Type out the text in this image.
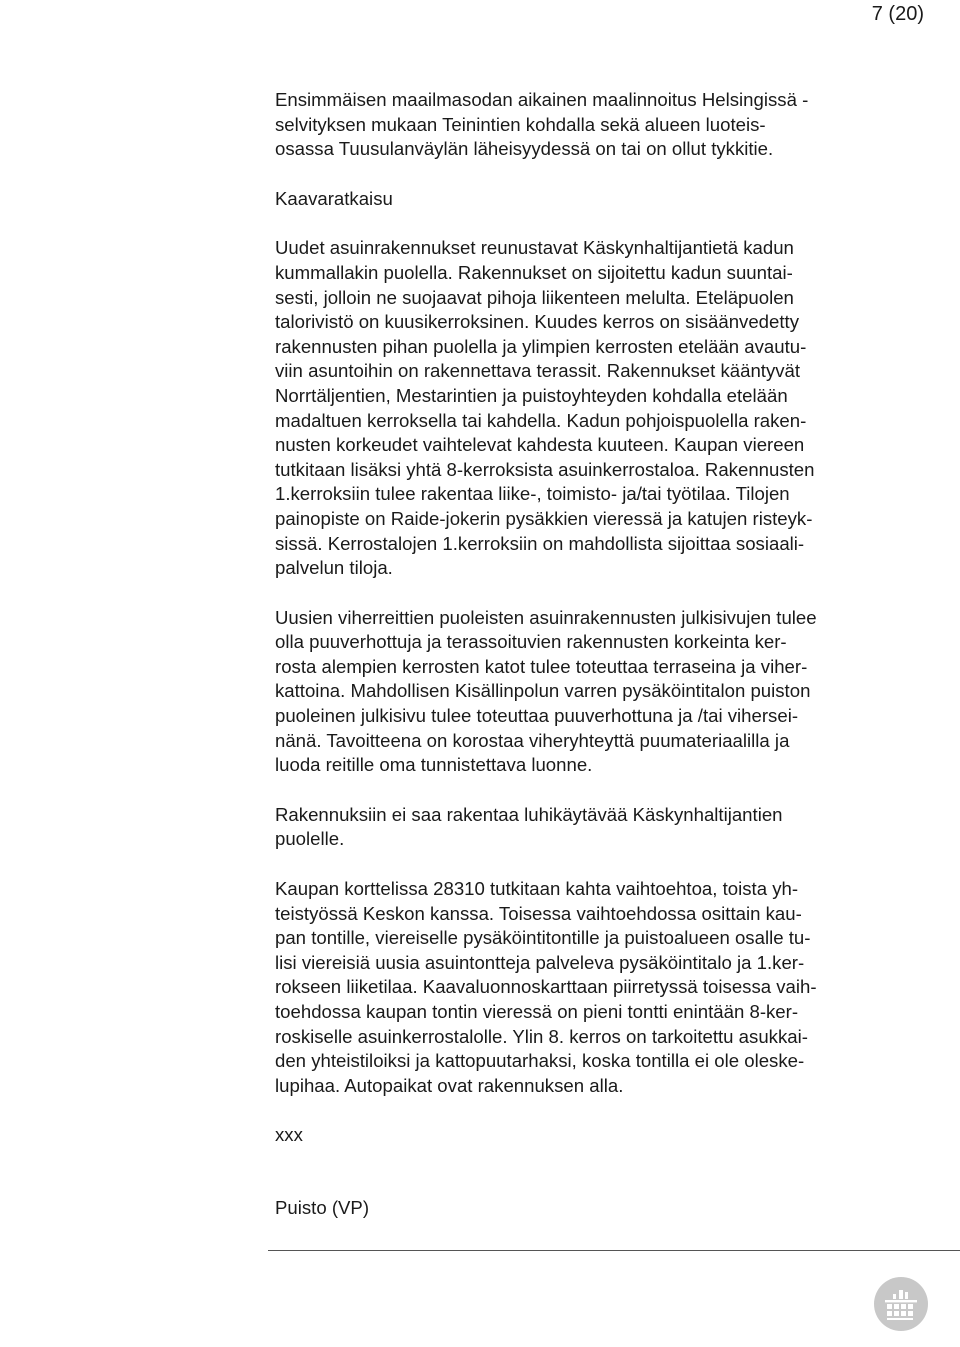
7 (20)

Ensimmäisen maailmasodan aikainen maalinnoitus Helsingissä -
selvityksen mukaan Teinintien kohdalla sekä alueen luoteis-
osassa Tuusulanväylän läheisyydessä on tai on ollut tykkitie.

Kaavaratkaisu

Uudet asuinrakennukset reunustavat Käskynhaltijantietä kadun
kummallakin puolella. Rakennukset on sijoitettu kadun suuntai-
sesti, jolloin ne suojaavat pihoja liikenteen melulta. Eteläpuolen
talorivistö on kuusikerroksinen. Kuudes kerros on sisäänvedetty
rakennusten pihan puolella ja ylimpien kerrosten etelään avautu-
viin asuntoihin on rakennettava terassit. Rakennukset kääntyvät
Norrtäljentien, Mestarintien ja puistoyhteyden kohdalla etelään
madaltuen kerroksella tai kahdella. Kadun pohjoispuolella raken-
nusten korkeudet vaihtelevat kahdesta kuuteen. Kaupan viereen
tutkitaan lisäksi yhtä 8-kerroksista asuinkerrostaloa. Rakennusten
1.kerroksiin tulee rakentaa liike-, toimisto- ja/tai työtilaa. Tilojen
painopiste on Raide-jokerin pysäkkien vieressä ja katujen risteyk-
sissä. Kerrostalojen 1.kerroksiin on mahdollista sijoittaa sosiaali-
palvelun tiloja.

Uusien viherreittien puoleisten asuinrakennusten julkisivujen tulee
olla puuverhottuja ja terassoituvien rakennusten korkeinta ker-
rosta alempien kerrosten katot tulee toteuttaa terraseina ja viher-
kattoina. Mahdollisen Kisällinpolun varren pysäköintitalon puiston
puoleinen julkisivu tulee toteuttaa puuverhottuna ja /tai vihersei-
nänä. Tavoitteena on korostaa viheryhteyttä puumateriaalilla ja
luoda reitille oma tunnistettava luonne.

Rakennuksiin ei saa rakentaa luhikäytävää Käskynhaltijantien
puolelle.

Kaupan korttelissa 28310 tutkitaan kahta vaihtoehtoa, toista yh-
teistyössä Keskon kanssa. Toisessa vaihtoehdossa osittain kau-
pan tontille, viereiselle pysäköintitontille ja puistoalueen osalle tu-
lisi viereisiä uusia asuintontteja palveleva pysäköintitalo ja 1.ker-
rokseen liiketilaa. Kaavaluonnoskarttaan piirretyssä toisessa vaih-
toehdossa kaupan tontin vieressä on pieni tontti enintään 8-ker-
roskiselle asuinkerrostalolle. Ylin 8. kerros on tarkoitettu asukkai-
den yhteistiloiksi ja kattopuutarhaksi, koska tontilla ei ole oleske-
lupihaa. Autopaikat ovat rakennuksen alla.

xxx

Puisto (VP)
